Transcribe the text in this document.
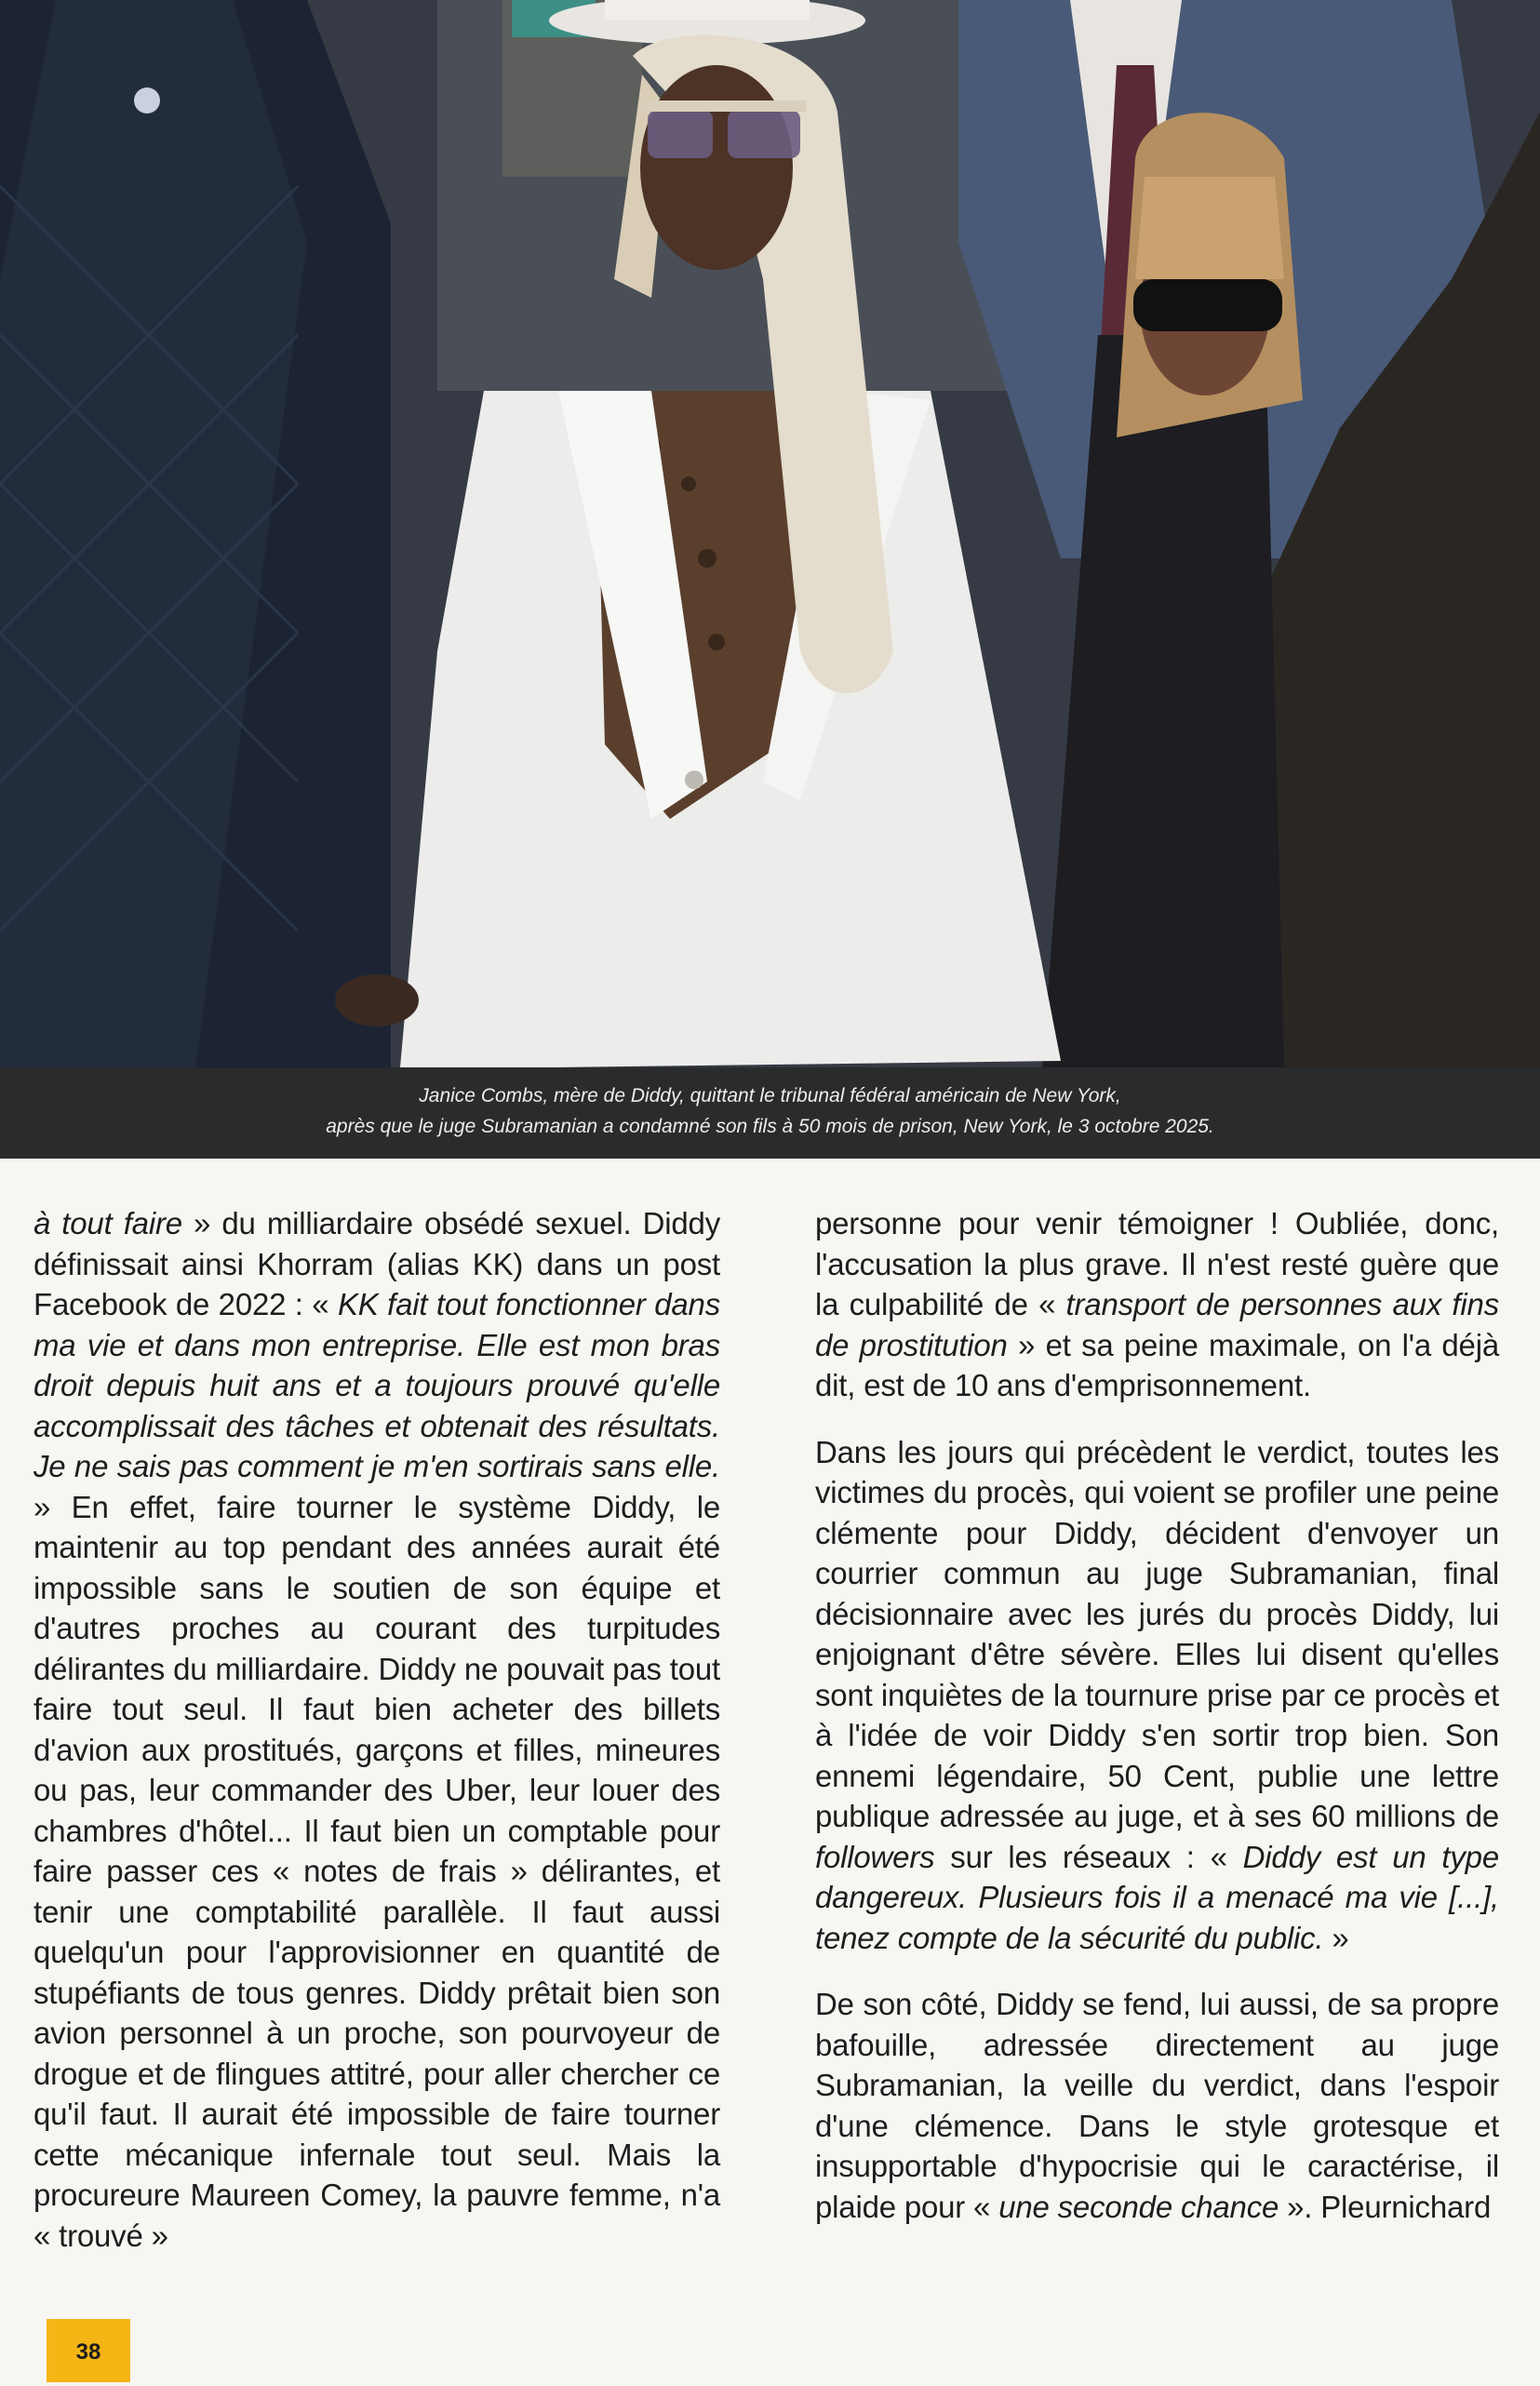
Janice Combs, mère de Diddy, quittant le tribunal fédéral américain de New York,
après que le juge Subramanian a condamné son fils à 50 mois de prison, New York, le 3 octobre 2025.

à tout faire » du milliardaire obsédé sexuel. Diddy définissait ainsi Khorram (alias KK) dans un post Facebook de 2022 : « KK fait tout fonctionner dans ma vie et dans mon entreprise. Elle est mon bras droit depuis huit ans et a toujours prouvé qu'elle accomplissait des tâches et obtenait des résultats. Je ne sais pas comment je m'en sortirais sans elle. » En effet, faire tourner le système Diddy, le maintenir au top pendant des années aurait été impossible sans le soutien de son équipe et d'autres proches au courant des turpitudes délirantes du milliardaire. Diddy ne pouvait pas tout faire tout seul. Il faut bien acheter des billets d'avion aux prostitués, garçons et filles, mineures ou pas, leur commander des Uber, leur louer des chambres d'hôtel... Il faut bien un comptable pour faire passer ces « notes de frais » délirantes, et tenir une comptabilité parallèle. Il faut aussi quelqu'un pour l'approvisionner en quantité de stupéfiants de tous genres. Diddy prêtait bien son avion personnel à un proche, son pourvoyeur de drogue et de flingues attitré, pour aller chercher ce qu'il faut. Il aurait été impossible de faire tourner cette mécanique infernale tout seul. Mais la procureure Maureen Comey, la pauvre femme, n'a « trouvé »

personne pour venir témoigner ! Oubliée, donc, l'accusation la plus grave. Il n'est resté guère que la culpabilité de « transport de personnes aux fins de prostitution » et sa peine maximale, on l'a déjà dit, est de 10 ans d'emprisonnement.

Dans les jours qui précèdent le verdict, toutes les victimes du procès, qui voient se profiler une peine clémente pour Diddy, décident d'envoyer un courrier commun au juge Subramanian, final décisionnaire avec les jurés du procès Diddy, lui enjoignant d'être sévère. Elles lui disent qu'elles sont inquiètes de la tournure prise par ce procès et à l'idée de voir Diddy s'en sortir trop bien. Son ennemi légendaire, 50 Cent, publie une lettre publique adressée au juge, et à ses 60 millions de followers sur les réseaux : « Diddy est un type dangereux. Plusieurs fois il a menacé ma vie [...], tenez compte de la sécurité du public. »

De son côté, Diddy se fend, lui aussi, de sa propre bafouille, adressée directement au juge Subramanian, la veille du verdict, dans l'espoir d'une clémence. Dans le style grotesque et insupportable d'hypocrisie qui le caractérise, il plaide pour « une seconde chance ». Pleurnichard

38
